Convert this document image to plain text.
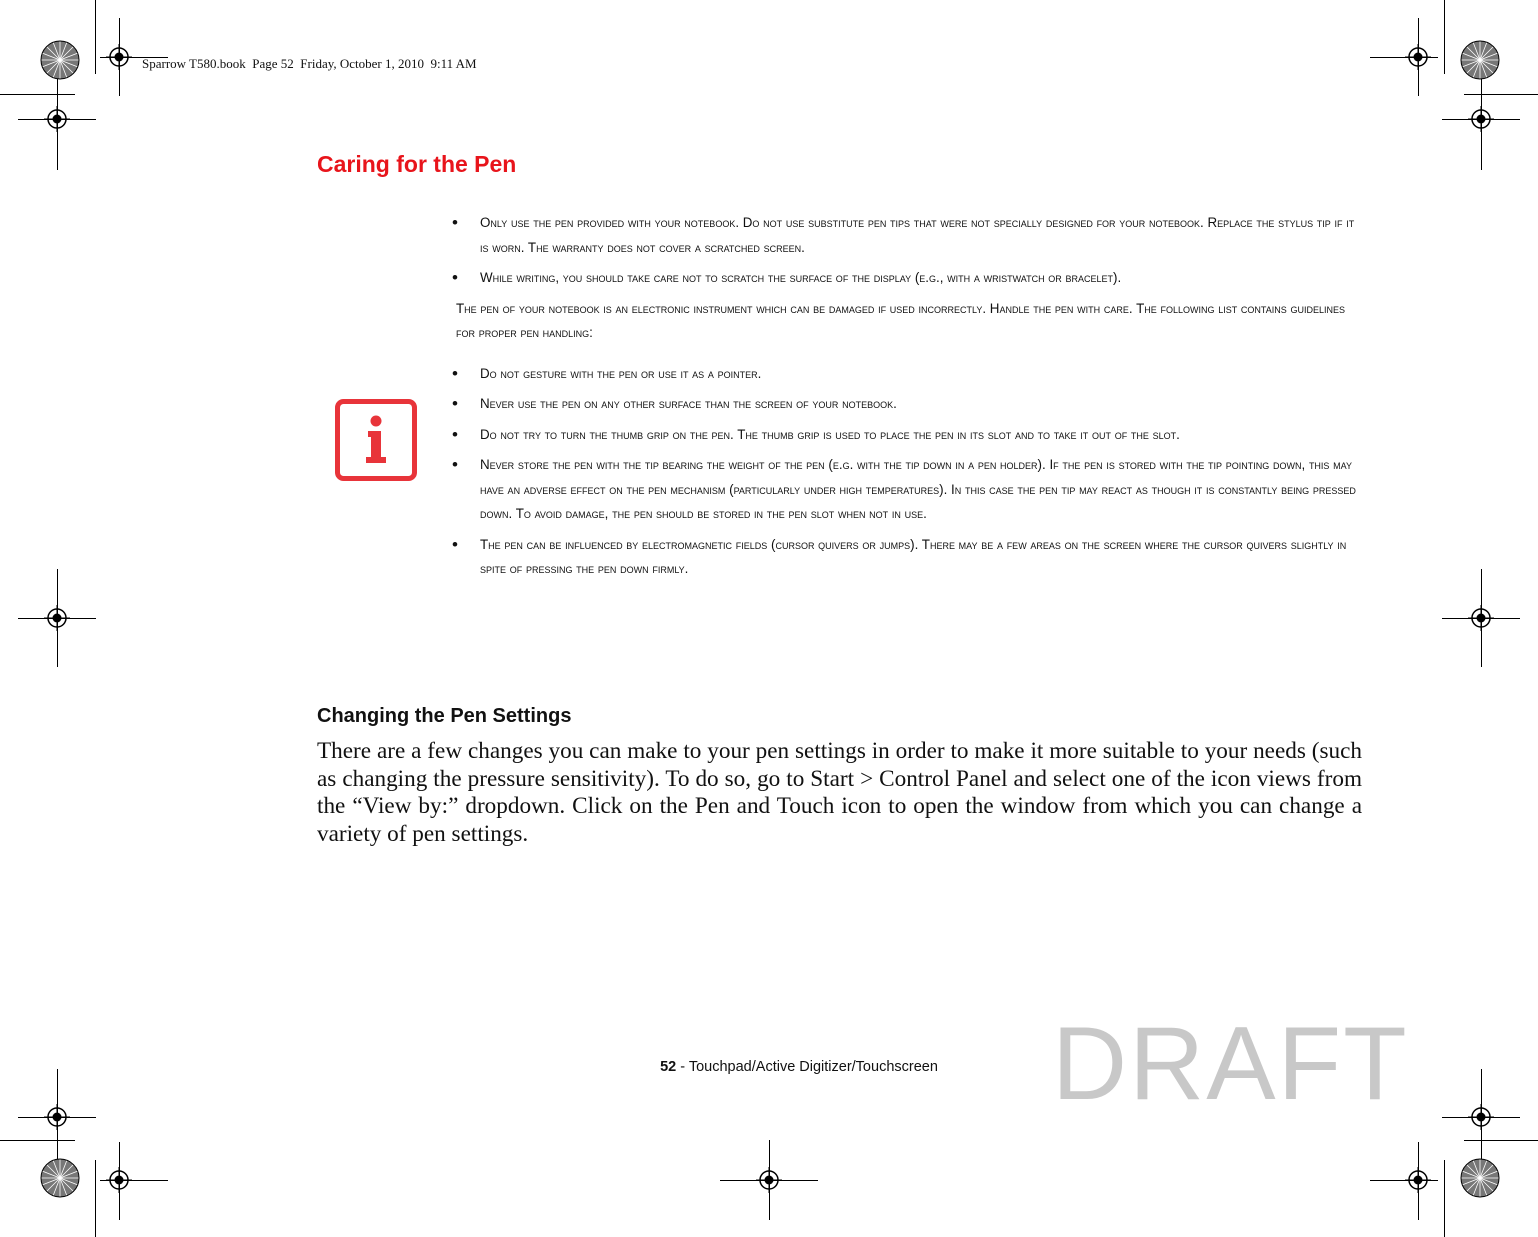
Sparrow T580.book  Page 52  Friday, October 1, 2010  9:11 AM
Caring for the Pen
•	Only use the pen provided with your notebook. Do not use substitute pen tips that were not specially designed for your notebook. Replace the stylus tip if it is worn. The warranty does not cover a scratched screen.
•	While writing, you should take care not to scratch the surface of the display (e.g., with a wristwatch or bracelet).
The pen of your notebook is an electronic instrument which can be damaged if used incorrectly. Handle the pen with care. The following list contains guidelines for proper pen handling:
•	Do not gesture with the pen or use it as a pointer.
•	Never use the pen on any other surface than the screen of your notebook.
•	Do not try to turn the thumb grip on the pen. The thumb grip is used to place the pen in its slot and to take it out of the slot.
•	Never store the pen with the tip bearing the weight of the pen (e.g. with the tip down in a pen holder). If the pen is stored with the tip pointing down, this may have an adverse effect on the pen mechanism (particularly under high temperatures). In this case the pen tip may react as though it is constantly being pressed down. To avoid damage, the pen should be stored in the pen slot when not in use.
•	The pen can be influenced by electromagnetic fields (cursor quivers or jumps). There may be a few areas on the screen where the cursor quivers slightly in spite of pressing the pen down firmly.
Changing the Pen Settings

There are a few changes you can make to your pen settings in order to make it more suitable to your needs (such as changing the pressure sensitivity). To do so, go to Start > Control Panel and select one of the icon views from the “View by:” dropdown. Click on the Pen and Touch icon to open the window from which you can change a variety of pen settings.

52 - Touchpad/Active Digitizer/Touchscreen	DRAFT
